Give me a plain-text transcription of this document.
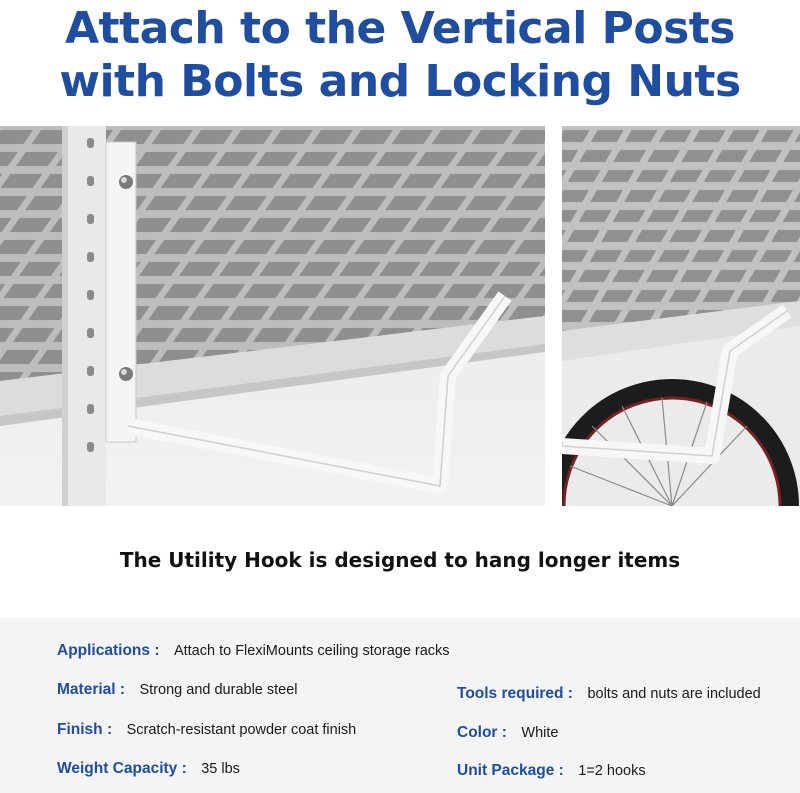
Attach to the Vertical Posts
with Bolts and Locking Nuts
The Utility Hook is designed to hang longer items
Applications : Attach to FlexiMounts ceiling storage racks
Material : Strong and durable steel	Tools required : bolts and nuts are included
Finish : Scratch-resistant powder coat finish	Color : White
Weight Capacity : 35 lbs	Unit Package : 1=2 hooks
